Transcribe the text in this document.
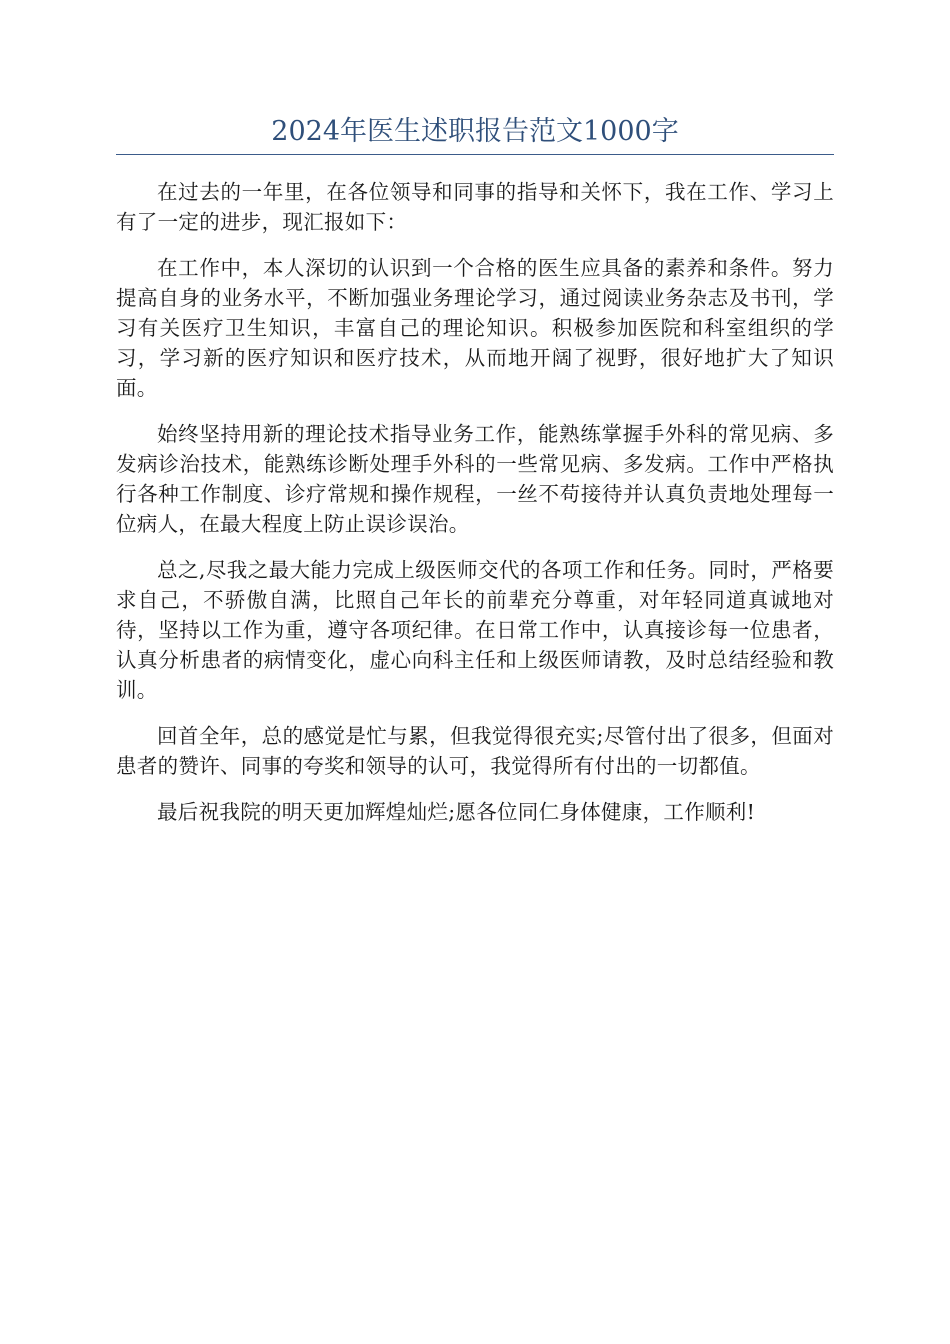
2024年医生述职报告范文1000字

在过去的一年里，在各位领导和同事的指导和关怀下，我在工作、学习上有了一定的进步，现汇报如下：

在工作中，本人深切的认识到一个合格的医生应具备的素养和条件。努力提高自身的业务水平，不断加强业务理论学习，通过阅读业务杂志及书刊，学习有关医疗卫生知识，丰富自己的理论知识。积极参加医院和科室组织的学习，学习新的医疗知识和医疗技术，从而地开阔了视野，很好地扩大了知识面。

始终坚持用新的理论技术指导业务工作，能熟练掌握手外科的常见病、多发病诊治技术，能熟练诊断处理手外科的一些常见病、多发病。工作中严格执行各种工作制度、诊疗常规和操作规程，一丝不苟接待并认真负责地处理每一位病人，在最大程度上防止误诊误治。

总之,尽我之最大能力完成上级医师交代的各项工作和任务。同时，严格要求自己，不骄傲自满，比照自己年长的前辈充分尊重，对年轻同道真诚地对待，坚持以工作为重，遵守各项纪律。在日常工作中，认真接诊每一位患者，认真分析患者的病情变化，虚心向科主任和上级医师请教，及时总结经验和教训。

回首全年，总的感觉是忙与累，但我觉得很充实;尽管付出了很多，但面对患者的赞许、同事的夸奖和领导的认可，我觉得所有付出的一切都值。

最后祝我院的明天更加辉煌灿烂;愿各位同仁身体健康，工作顺利!
